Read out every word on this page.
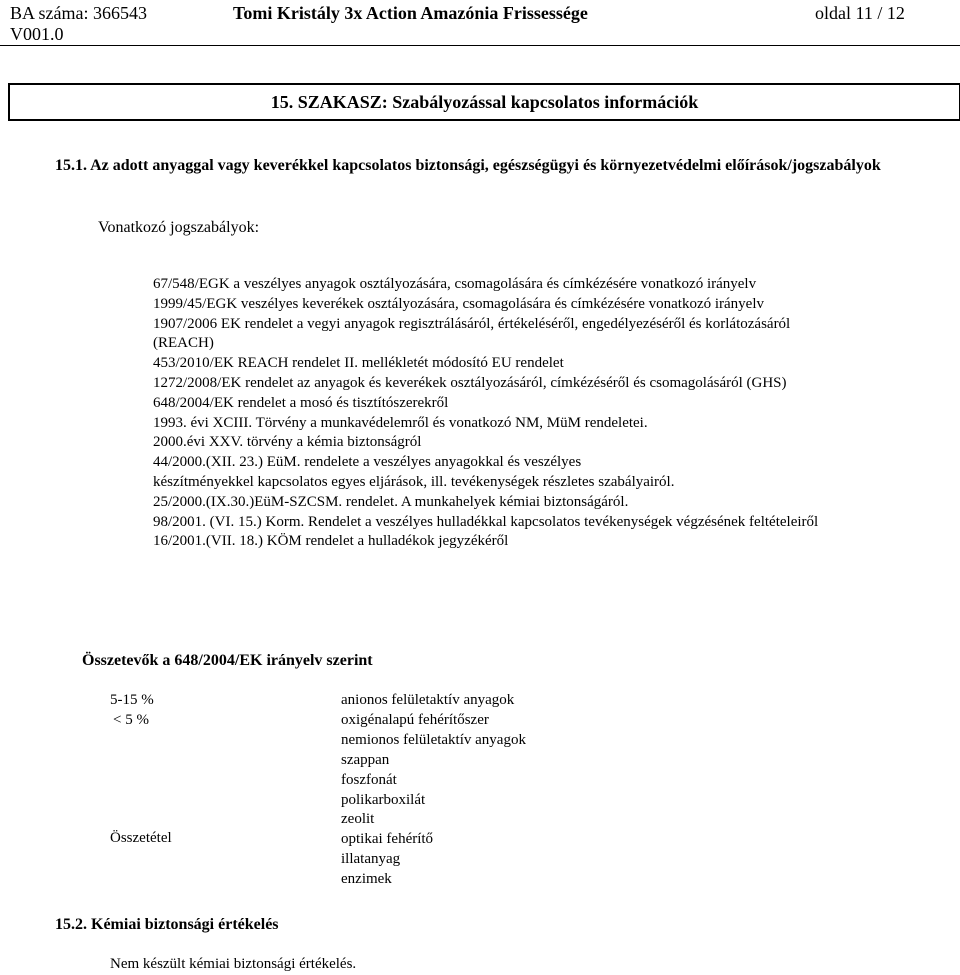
BA száma: 366543
V001.0
Tomi Kristály 3x Action Amazónia Frissessége	oldal 11 / 12
15. SZAKASZ: Szabályozással kapcsolatos információk
15.1. Az adott anyaggal vagy keverékkel kapcsolatos biztonsági, egészségügyi és környezetvédelmi előírások/jogszabályok
Vonatkozó jogszabályok:
67/548/EGK a veszélyes anyagok osztályozására, csomagolására és címkézésére vonatkozó irányelv
1999/45/EGK veszélyes keverékek osztályozására, csomagolására és címkézésére vonatkozó irányelv
1907/2006 EK rendelet a vegyi anyagok regisztrálásáról, értékeléséről, engedélyezéséről és korlátozásáról
(REACH)
453/2010/EK REACH rendelet II. mellékletét módosító EU rendelet
1272/2008/EK rendelet az anyagok és keverékek osztályozásáról, címkézéséről és csomagolásáról (GHS)
648/2004/EK rendelet a mosó és tisztítószerekről
1993. évi XCIII. Törvény a munkavédelemről és vonatkozó NM, MüM rendeletei.
2000.évi XXV. törvény a kémia biztonságról
44/2000.(XII. 23.) EüM. rendelete a veszélyes anyagokkal és veszélyes
készítményekkel kapcsolatos egyes eljárások, ill. tevékenységek részletes szabályairól.
25/2000.(IX.30.)EüM-SZCSM. rendelet. A munkahelyek kémiai biztonságáról.
98/2001. (VI. 15.) Korm. Rendelet a veszélyes hulladékkal kapcsolatos tevékenységek végzésének feltételeiről
16/2001.(VII. 18.) KÖM rendelet a hulladékok jegyzékéről
Összetevők a 648/2004/EK irányelv szerint
5-15 %
< 5 %
Összetétel
anionos felületaktív anyagok
oxigénalapú fehérítőszer
nemionos felületaktív anyagok
szappan
foszfonát
polikarboxilát
zeolit
optikai fehérítő
illatanyag
enzimek
15.2. Kémiai biztonsági értékelés
Nem készült kémiai biztonsági értékelés.
